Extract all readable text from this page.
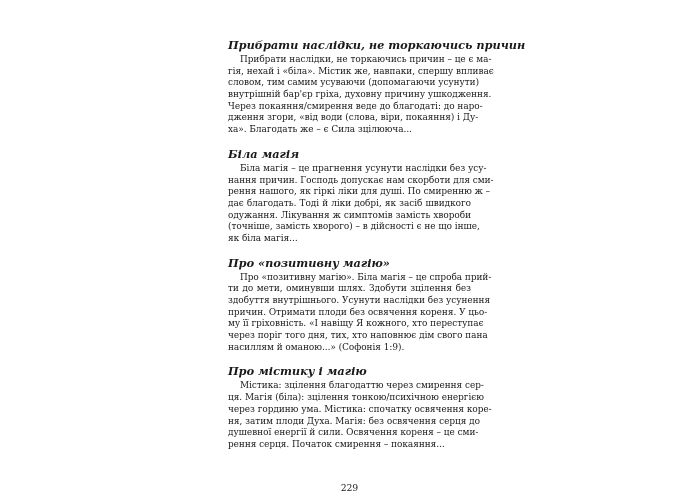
Прибрати наслідки, не торкаючись причин
Прибрати наслідки, не торкаючись причин – це є ма-
гія, нехай і «біла». Містик же, навпаки, спершу впливає
словом, тим самим усуваючи (допомагаючи усунути)
внутрішній бар'єр гріха, духовну причину ушкодження.
Через покаяння/смирення веде до благодаті: до наро-
дження згори, «від води (слова, віри, покаяння) і Ду-
ха». Благодать же – є Сила зцілююча...
Біла магія
Біла магія – це прагнення усунути наслідки без усу-
нання причин. Господь допускає нам скорботи для сми-
рення нашого, як гіркі ліки для душі. По смиренню ж –
дає благодать. Тоді й ліки добрі, як засіб швидкого
одужання. Лікування ж симптомів замість хвороби
(точніше, замість хворого) – в дійсності є не що інше,
як біла магія...
Про «позитивну магію»
Про «позитивну магію». Біла магія – це спроба прий-
ти до мети, оминувши шлях. Здобути зцілення без
здобуття внутрішнього. Усунути наслідки без усунення
причин. Отримати плоди без освячення кореня. У цьо-
му її гріховність. «І навіщу Я кожного, хто переступає
через поріг того дня, тих, хто наповнює дім свого пана
насиллям й оманою...» (Софонія 1:9).
Про містику і магію
Містика: зцілення благодаттю через смирення сер-
ця. Магія (біла): зцілення тонкою/психічною енергією
через гординю ума. Містика: спочатку освячення коре-
ня, затим плоди Духа. Магія: без освячення серця до
душевної енергії й сили. Освячення кореня – це сми-
рення серця. Початок смирення – покаяння...
229
